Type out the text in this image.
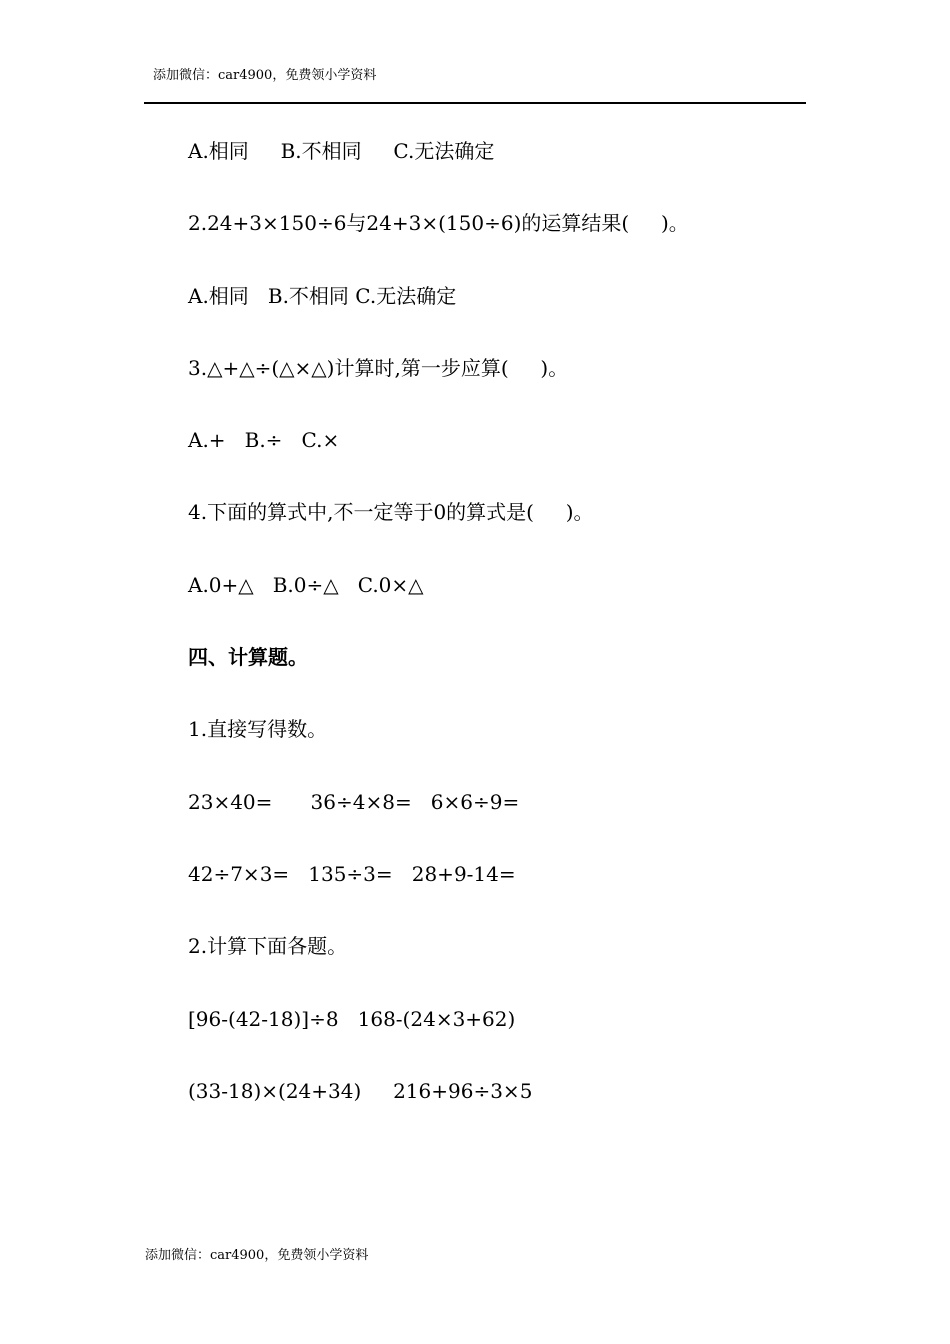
添加微信：car4900，免费领小学资料
A.相同     B.不相同     C.无法确定
2.24+3×150÷6与24+3×(150÷6)的运算结果(     )。
A.相同   B.不相同 C.无法确定
3.△+△÷(△×△)计算时,第一步应算(     )。
A.+   B.÷   C.×
4.下面的算式中,不一定等于0的算式是(     )。
A.0+△   B.0÷△   C.0×△
四、计算题。
1.直接写得数。
23×40=      36÷4×8=   6×6÷9=
42÷7×3=   135÷3=   28+9-14=
2.计算下面各题。
[96-(42-18)]÷8   168-(24×3+62)
(33-18)×(24+34)     216+96÷3×5
添加微信：car4900，免费领小学资料
